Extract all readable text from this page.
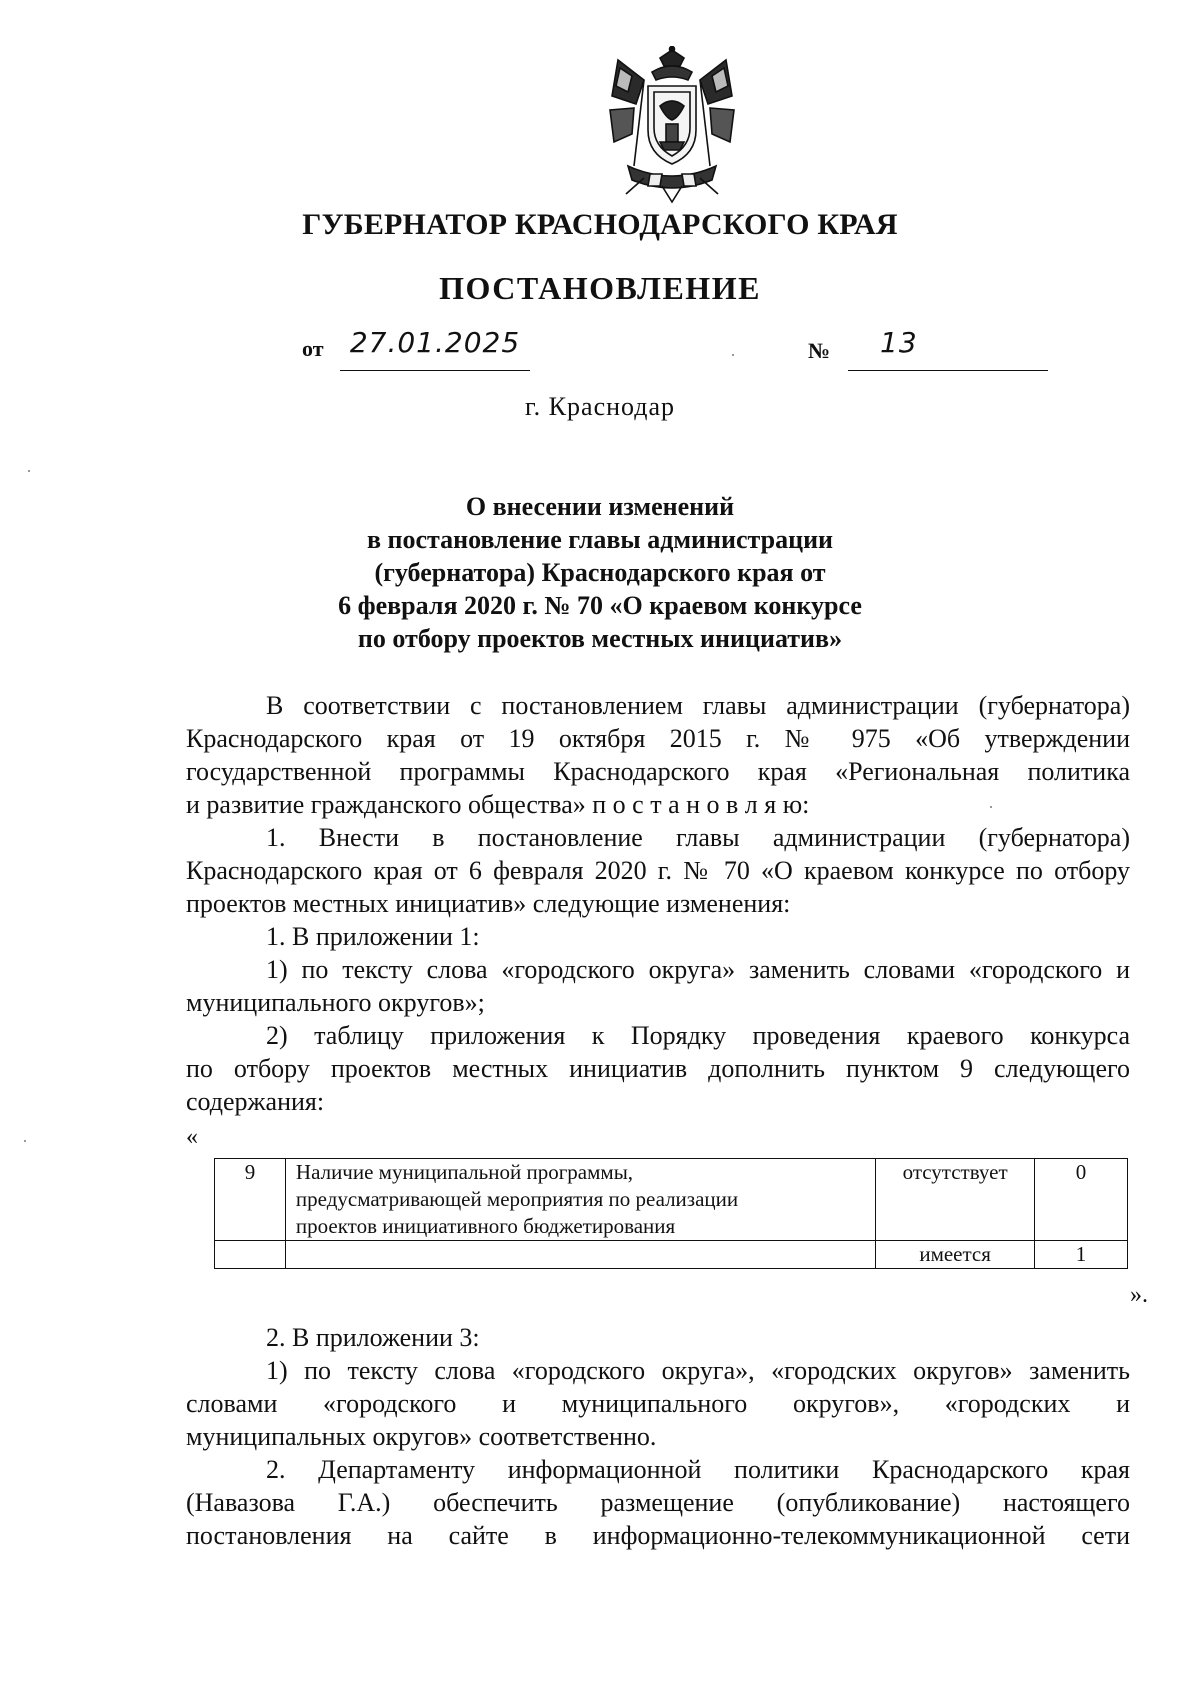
ГУБЕРНАТОР КРАСНОДАРСКОГО КРАЯ
ПОСТАНОВЛЕНИЕ
от 27.01.2025	№ 13
г. Краснодар
О внесении изменений
в постановление главы администрации
(губернатора) Краснодарского края от
6 февраля 2020 г. № 70 «О краевом конкурсе
по отбору проектов местных инициатив»
В соответствии с постановлением главы администрации (губернатора)
Краснодарского края от 19 октября 2015 г. № 975 «Об утверждении
государственной программы Краснодарского края «Региональная политика
и развитие гражданского общества» п о с т а н о в л я ю:
1. Внести в постановление главы администрации (губернатора)
Краснодарского края от 6 февраля 2020 г. № 70 «О краевом конкурсе по отбору
проектов местных инициатив» следующие изменения:
1. В приложении 1:
1) по тексту слова «городского округа» заменить словами «городского и
муниципального округов»;
2) таблицу приложения к Порядку проведения краевого конкурса
по отбору проектов местных инициатив дополнить пунктом 9 следующего
содержания:
«
9	Наличие муниципальной программы,
предусматривающей мероприятия по реализации
проектов инициативного бюджетирования	отсутствует	0
		имеется	1
».
2. В приложении 3:
1) по тексту слова «городского округа», «городских округов» заменить
словами «городского и муниципального округов», «городских и
муниципальных округов» соответственно.
2. Департаменту информационной политики Краснодарского края
(Навазова Г.А.) обеспечить размещение (опубликование) настоящего
постановления на сайте в информационно-телекоммуникационной сети
